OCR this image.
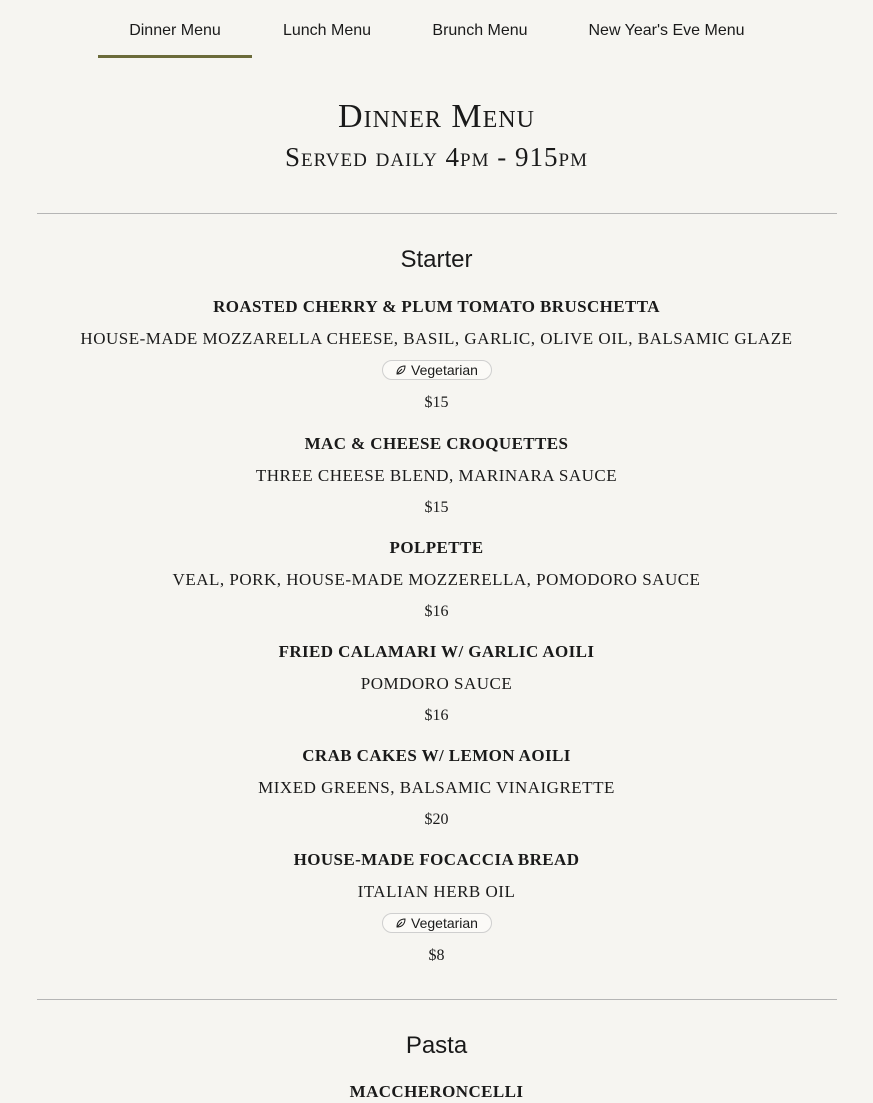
Dinner Menu	Lunch Menu	Brunch Menu	New Year's Eve Menu
Dinner Menu
Served daily 4pm - 915pm
Starter
ROASTED CHERRY & PLUM TOMATO BRUSCHETTA
HOUSE-MADE MOZZARELLA CHEESE, BASIL, GARLIC, OLIVE OIL, BALSAMIC GLAZE
Vegetarian
$15
MAC & CHEESE CROQUETTES
THREE CHEESE BLEND, MARINARA SAUCE
$15
POLPETTE
VEAL, PORK, HOUSE-MADE MOZZERELLA, POMODORO SAUCE
$16
FRIED CALAMARI W/ GARLIC AOILI
POMDORO SAUCE
$16
CRAB CAKES W/ LEMON AOILI
MIXED GREENS, BALSAMIC VINAIGRETTE
$20
HOUSE-MADE FOCACCIA BREAD
ITALIAN HERB OIL
Vegetarian
$8
Pasta
MACCHERONCELLI
